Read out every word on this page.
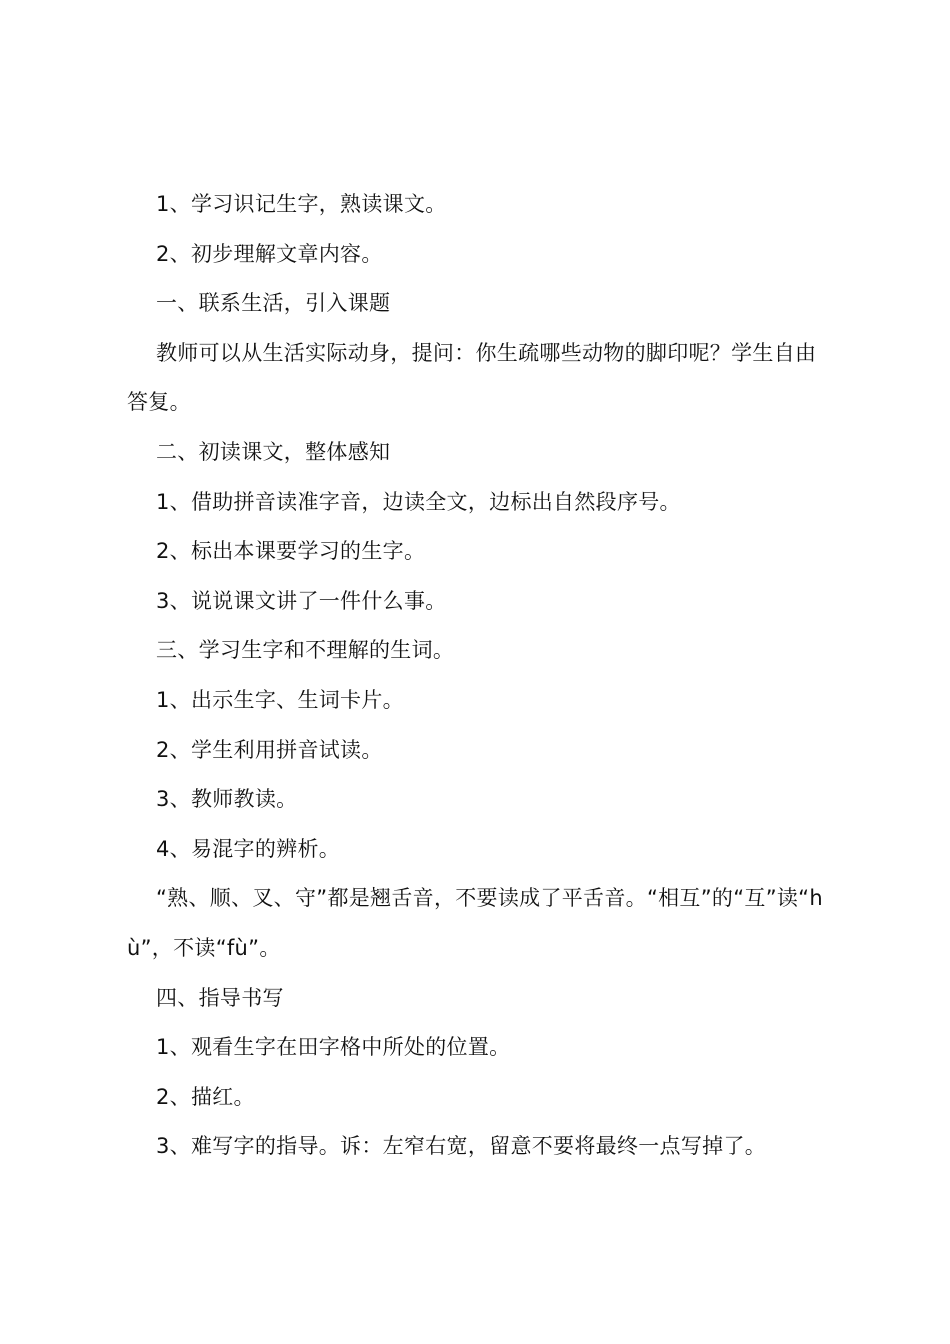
1、学习识记生字，熟读课文。

2、初步理解文章内容。

一、联系生活，引入课题

教师可以从生活实际动身，提问：你生疏哪些动物的脚印呢？学生自由答复。

二、初读课文，整体感知

1、借助拼音读准字音，边读全文，边标出自然段序号。

2、标出本课要学习的生字。

3、说说课文讲了一件什么事。

三、学习生字和不理解的生词。

1、出示生字、生词卡片。

2、学生利用拼音试读。

3、教师教读。

4、易混字的辨析。

“熟、顺、叉、守”都是翘舌音，不要读成了平舌音。“相互”的“互”读“hù”，不读“fù”。

四、指导书写

1、观看生字在田字格中所处的位置。

2、描红。

3、难写字的指导。诉：左窄右宽，留意不要将最终一点写掉了。
